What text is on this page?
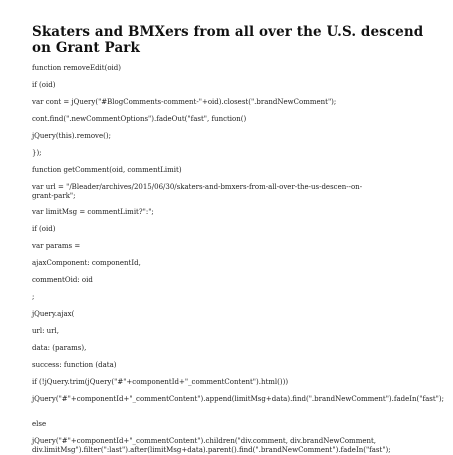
Skaters and BMXers from all over the U.S. descend on Grant Park

function removeEdit(oid)

if (oid)

var cont = jQuery("#BlogComments-comment-"+oid).closest(".brandNewComment");

cont.find(".newCommentOptions").fadeOut("fast", function()

jQuery(this).remove();

});

function getComment(oid, commentLimit)

var url = "/Bleader/archives/2015/06/30/skaters-and-bmxers-from-all-over-the-us-descen--on-grant-park";

var limitMsg = commentLimit?":";

if (oid)

var params =

ajaxComponent: componentId,

commentOid: oid

;

jQuery.ajax(

url: url,

data: (params),

success: function (data)

if (!jQuery.trim(jQuery("#"+componentId+"_commentContent").html()))

jQuery("#"+componentId+"_commentContent").append(limitMsg+data).find(".brandNewComment").fadeIn("fast");

else

jQuery("#"+componentId+"_commentContent").children("div.comment, div.brandNewComment, div.limitMsg").filter(":last").after(limitMsg+data).parent().find(".brandNewComment").fadeIn("fast");
